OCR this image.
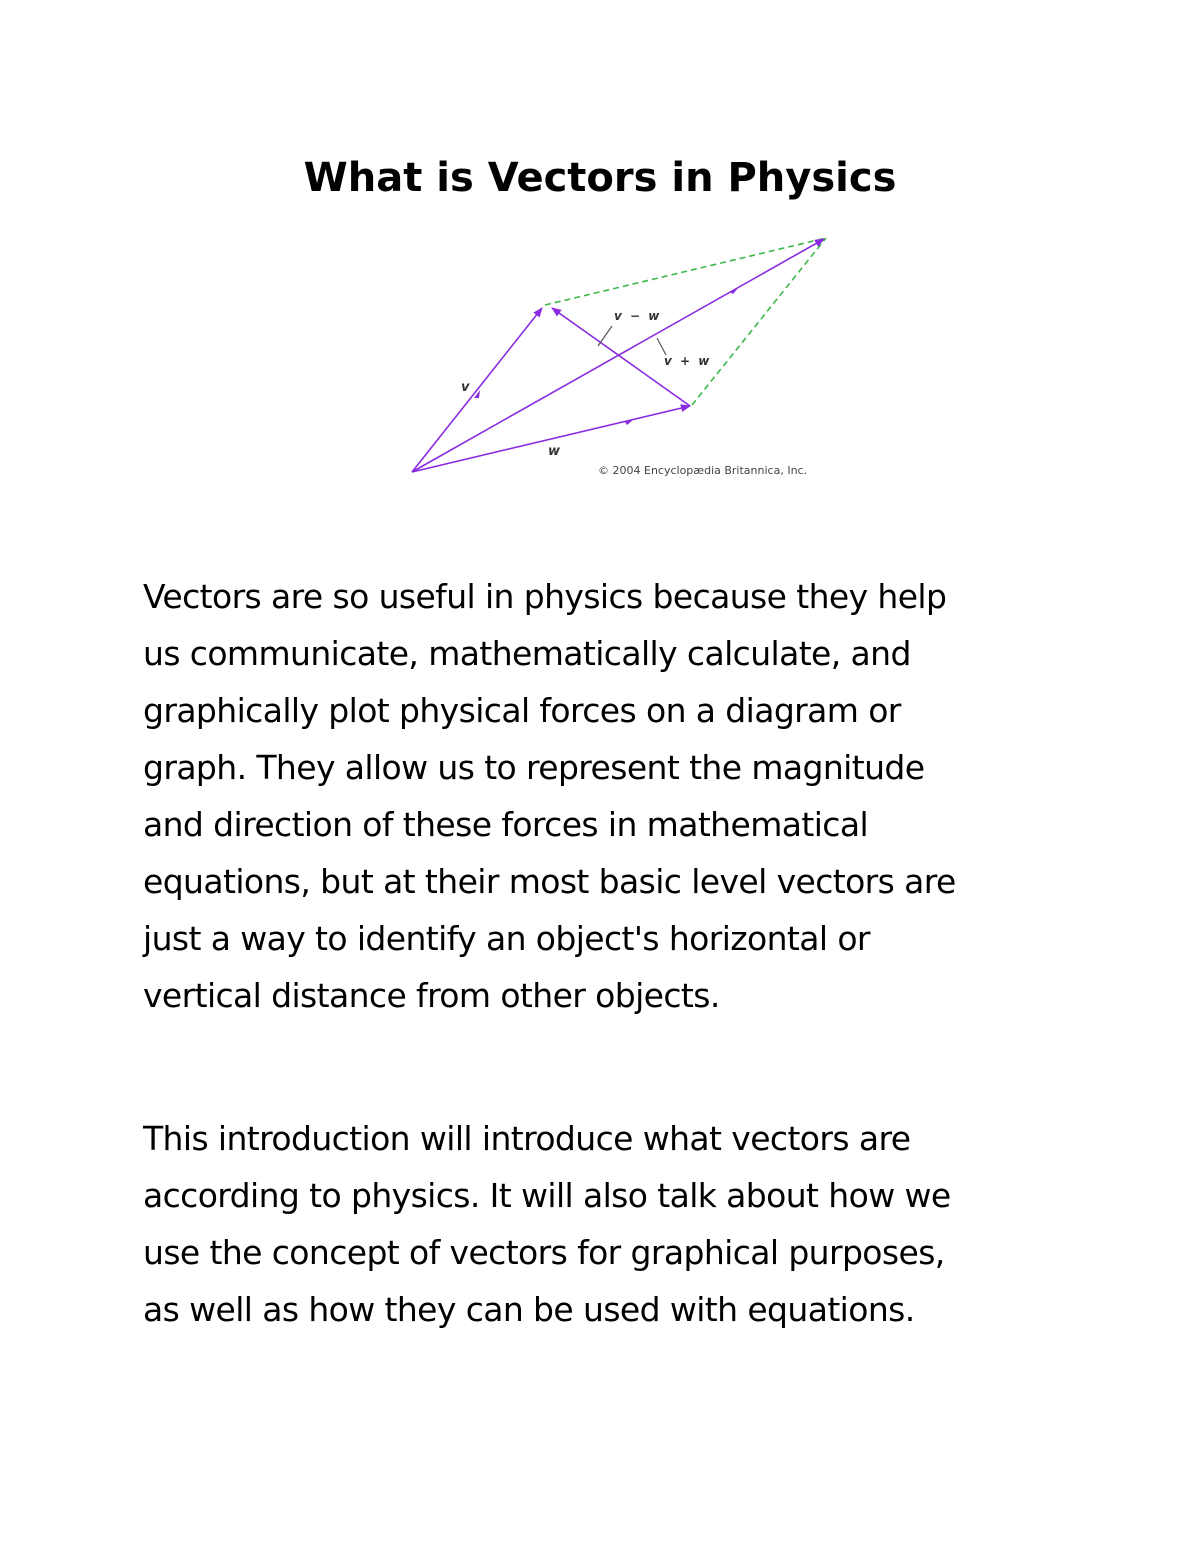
What is Vectors in Physics
v
w
v − w
v + w
© 2004 Encyclopædia Britannica, Inc.

Vectors are so useful in physics because they help
us communicate, mathematically calculate, and
graphically plot physical forces on a diagram or
graph. They allow us to represent the magnitude
and direction of these forces in mathematical
equations, but at their most basic level vectors are
just a way to identify an object's horizontal or
vertical distance from other objects.

This introduction will introduce what vectors are
according to physics. It will also talk about how we
use the concept of vectors for graphical purposes,
as well as how they can be used with equations.
